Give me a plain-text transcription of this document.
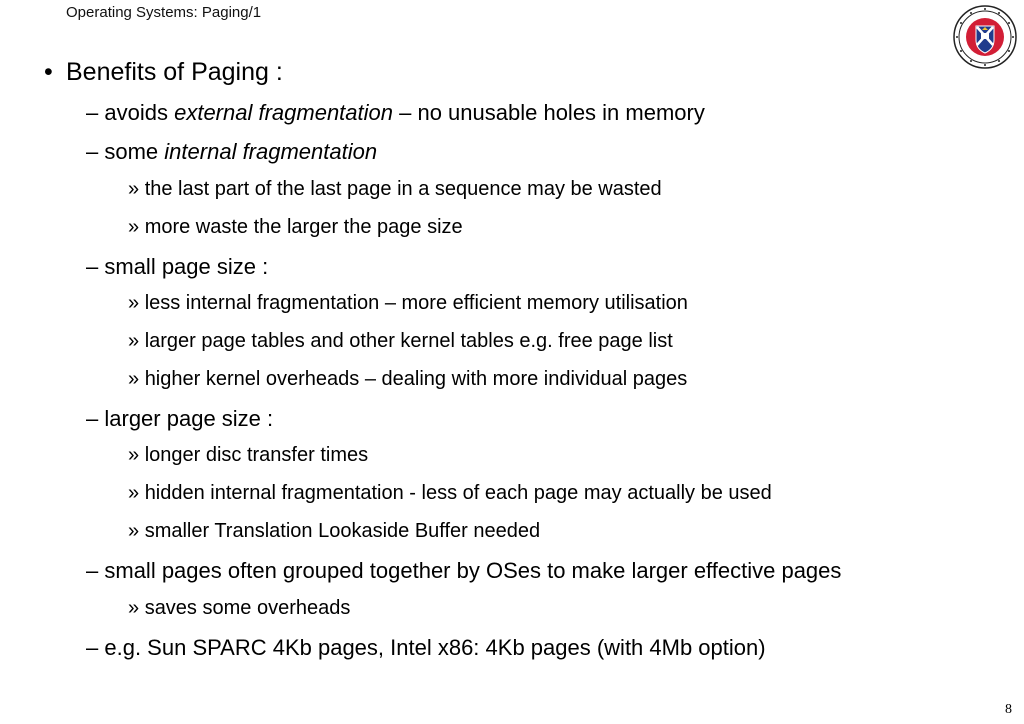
Operating Systems: Paging/1
• Benefits of Paging :
– avoids external fragmentation – no unusable holes in memory
– some internal fragmentation
» the last part of the last page in a sequence may be wasted
» more waste the larger the page size
– small page size :
» less internal fragmentation – more efficient memory utilisation
» larger page tables and other kernel tables e.g. free page list
» higher kernel overheads – dealing with more individual pages
– larger page size :
» longer disc transfer times
» hidden internal fragmentation - less of each page may actually be used
» smaller Translation Lookaside Buffer needed
– small pages often grouped together by OSes to make larger effective pages
» saves some overheads
– e.g. Sun SPARC 4Kb pages, Intel x86: 4Kb pages (with 4Mb option)
8
